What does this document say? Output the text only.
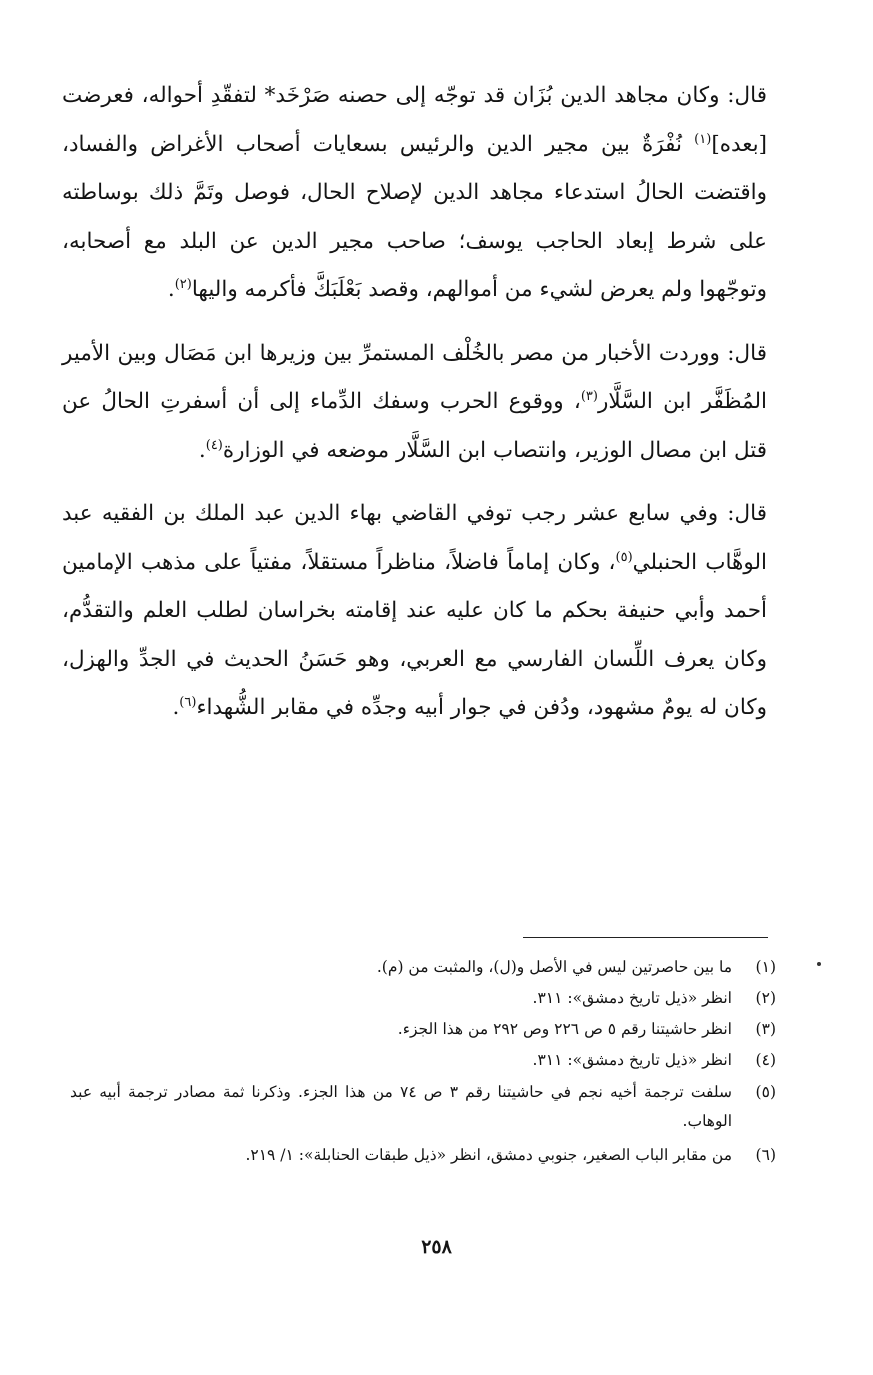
قال: وكان مجاهد الدين بُزَان قد توجّه إلى حصنه صَرْخَد* لتفقّدِ أحواله، فعرضت [بعده]$^{(١)}$ نُفْرَةٌ بين مجير الدين والرئيس بسعايات أصحاب الأغراض والفساد، واقتضت الحالُ استدعاء مجاهد الدين لإصلاح الحال، فوصل وتَمَّ ذلك بوساطته على شرط إبعاد الحاجب يوسف؛ صاحب مجير الدين عن البلد مع أصحابه، وتوجّهوا ولم يعرض لشيء من أموالهم، وقصد بَعْلَبَكَّ فأكرمه واليها$^{(٢)}$.

قال: ووردت الأخبار من مصر بالخُلْف المستمرِّ بين وزيرها ابن مَصَال وبين الأمير المُظَفَّر ابن السَّلَّار$^{(٣)}$، ووقوع الحرب وسفك الدِّماء إلى أن أسفرتِ الحالُ عن قتل ابن مصال الوزير، وانتصاب ابن السَّلَّار موضعه في الوزارة$^{(٤)}$.

قال: وفي سابع عشر رجب توفي القاضي بهاء الدين عبد الملك بن الفقيه عبد الوهَّاب الحنبلي$^{(٥)}$، وكان إماماً فاضلاً، مناظراً مستقلاً، مفتياً على مذهب الإمامين أحمد وأبي حنيفة بحكم ما كان عليه عند إقامته بخراسان لطلب العلم والتقدُّم، وكان يعرف اللِّسان الفارسي مع العربي، وهو حَسَنُ الحديث في الجدِّ والهزل، وكان له يومٌ مشهود، ودُفن في جوار أبيه وجدِّه في مقابر الشُّهداء$^{(٦)}$.

(١)
ما بين حاصرتين ليس في الأصل و(ل)، والمثبت من (م).
(٢)
انظر «ذيل تاريخ دمشق»: ٣١١.
(٣)
انظر حاشيتنا رقم ٥ ص ٢٢٦ وص ٢٩٢ من هذا الجزء.
(٤)
انظر «ذيل تاريخ دمشق»: ٣١١.
(٥)
سلفت ترجمة أخيه نجم في حاشيتنا رقم ٣ ص ٧٤ من هذا الجزء. وذكرنا ثمة مصادر ترجمة أبيه عبد الوهاب.
(٦)
من مقابر الباب الصغير، جنوبي دمشق، انظر «ذيل طبقات الحنابلة»: ١/ ٢١٩.
٢٥٨
